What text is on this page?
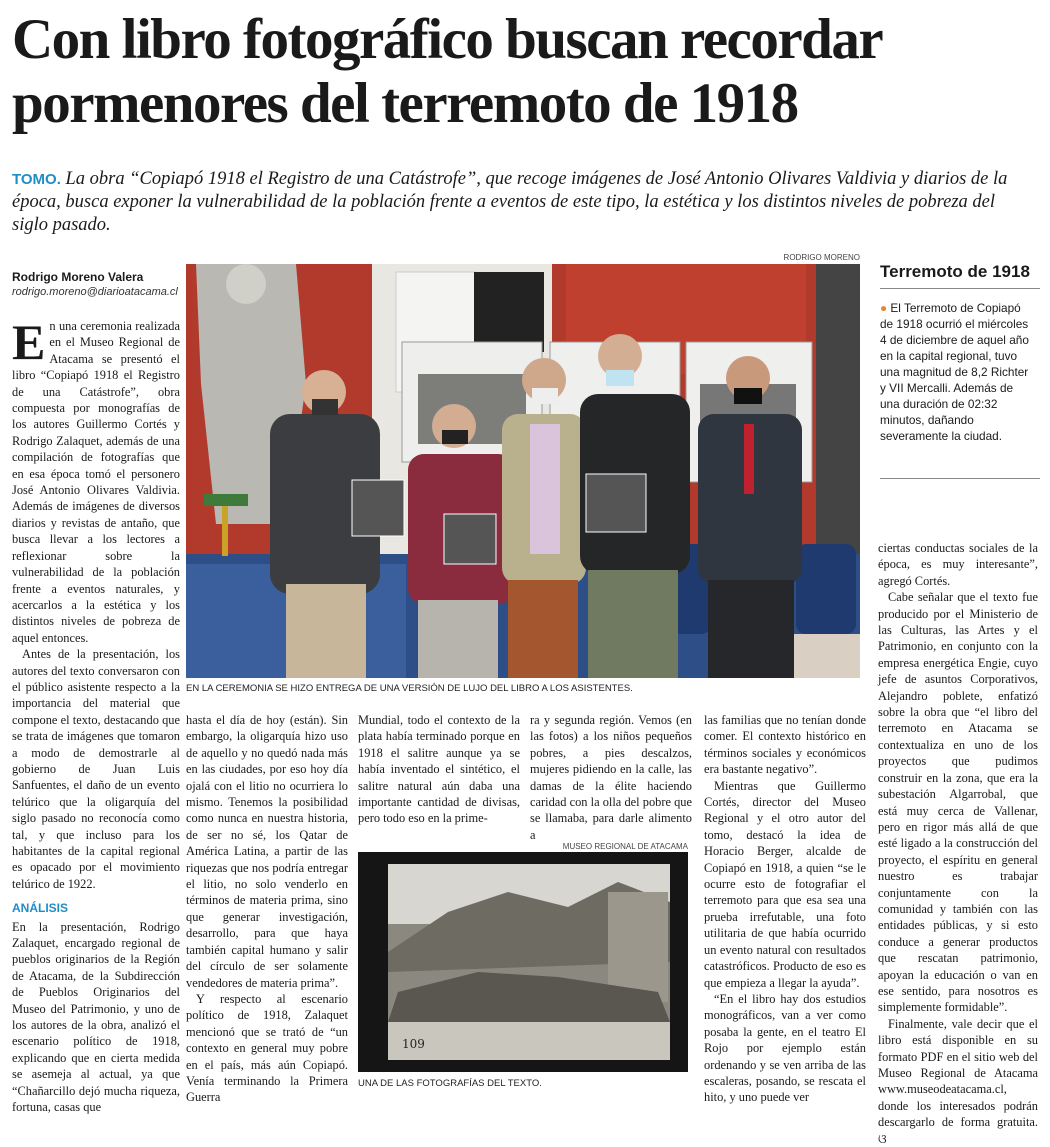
Con libro fotográfico buscan recordar pormenores del terremoto de 1918

TOMO. La obra “Copiapó 1918 el Registro de una Catástrofe”, que recoge imágenes de José Antonio Olivares Valdivia y diarios de la época, busca exponer la vulnerabilidad de la población frente a eventos de este tipo, la estética y los distintos niveles de pobreza del siglo pasado.

Rodrigo Moreno Valera
rodrigo.moreno@diarioatacama.cl

En una ceremonia realizada en el Museo Regional de Atacama se presentó el libro “Copiapó 1918 el Registro de una Catástrofe”, obra compuesta por monografías de los autores Guillermo Cortés y Rodrigo Zalaquet, además de una compilación de fotografías que en esa época tomó el personero José Antonio Olivares Valdivia. Además de imágenes de diversos diarios y revistas de antaño, que busca llevar a los lectores a reflexionar sobre la vulnerabilidad de la población frente a eventos naturales, y acercarlos a la estética y los distintos niveles de pobreza de aquel entonces.

Antes de la presentación, los autores del texto conversaron con el público asistente respecto a la importancia del material que compone el texto, destacando que se trata de imágenes que tomaron a modo de demostrarle al gobierno de Juan Luis Sanfuentes, el daño de un evento telúrico que la oligarquía del siglo pasado no reconocía como tal, y que incluso para los habitantes de la capital regional es opacado por el movimiento telúrico de 1922.

ANÁLISIS

En la presentación, Rodrigo Zalaquet, encargado regional de pueblos originarios de la Región de Atacama, de la Subdirección de Pueblos Originarios del Museo del Patrimonio, y uno de los autores de la obra, analizó el escenario político de 1918, explicando que en cierta medida se asemeja al actual, ya que “Chañarcillo dejó mucha riqueza, fortuna, casas que

RODRIGO MORENO
EN LA CEREMONIA SE HIZO ENTREGA DE UNA VERSIÓN DE LUJO DEL LIBRO A LOS ASISTENTES.
Terremoto de 1918
● El Terremoto de Copiapó de 1918 ocurrió el miércoles 4 de diciembre de aquel año en la capital regional, tuvo una magnitud de 8,2 Richter y VII Mercalli. Además de una duración de 02:32 minutos, dañando severamente la ciudad.

hasta el día de hoy (están). Sin embargo, la oligarquía hizo uso de aquello y no quedó nada más en las ciudades, por eso hoy día ojalá con el litio no ocurriera lo mismo. Tenemos la posibilidad como nunca en nuestra historia, de ser no sé, los Qatar de América Latina, a partir de las riquezas que nos podría entregar el litio, no solo venderlo en términos de materia prima, sino que generar investigación, desarrollo, para que haya también capital humano y salir del círculo de ser solamente vendedores de materia prima”.

Y respecto al escenario político de 1918, Zalaquet mencionó que se trató de “un contexto en general muy pobre en el país, más aún Copiapó. Venía terminando la Primera Guerra

Mundial, todo el contexto de la plata había terminado porque en 1918 el salitre aunque ya se había inventado el sintético, el salitre natural aún daba una importante cantidad de divisas, pero todo eso en la prime-

ra y segunda región. Vemos (en las fotos) a los niños pequeños pobres, a pies descalzos, mujeres pidiendo en la calle, las damas de la élite haciendo caridad con la olla del pobre que se llamaba, para darle alimento a

MUSEO REGIONAL DE ATACAMA
109
UNA DE LAS FOTOGRAFÍAS DEL TEXTO.

las familias que no tenían donde comer. El contexto histórico en términos sociales y económicos era bastante negativo”.

Mientras que Guillermo Cortés, director del Museo Regional y el otro autor del tomo, destacó la idea de Horacio Berger, alcalde de Copiapó en 1918, a quien “se le ocurre esto de fotografiar el terremoto para que esa sea una prueba irrefutable, una foto utilitaria de que había ocurrido un evento natural con resultados catastróficos. Producto de eso es que empieza a llegar la ayuda”.

“En el libro hay dos estudios monográficos, van a ver como posaba la gente, en el teatro El Rojo por ejemplo están ordenando y se ven arriba de las escaleras, posando, se rescata el hito, y uno puede ver

ciertas conductas sociales de la época, es muy interesante”, agregó Cortés.

Cabe señalar que el texto fue producido por el Ministerio de las Culturas, las Artes y el Patrimonio, en conjunto con la empresa energética Engie, cuyo jefe de asuntos Corporativos, Alejandro poblete, enfatizó sobre la obra que “el libro del terremoto en Atacama se contextualiza en uno de los proyectos que pudimos construir en la zona, que era la subestación Algarrobal, que está muy cerca de Vallenar, pero en rigor más allá de que esté ligado a la construcción del proyecto, el espíritu en general nuestro es trabajar conjuntamente con la comunidad y también con las entidades públicas, y si esto conduce a generar productos que rescatan patrimonio, apoyan la educación o van en ese sentido, para nosotros es simplemente formidable”.

Finalmente, vale decir que el libro está disponible en su formato PDF en el sitio web del Museo Regional de Atacama www.museodeatacama.cl, donde los interesados podrán descargarlo de forma gratuita. ଓ
